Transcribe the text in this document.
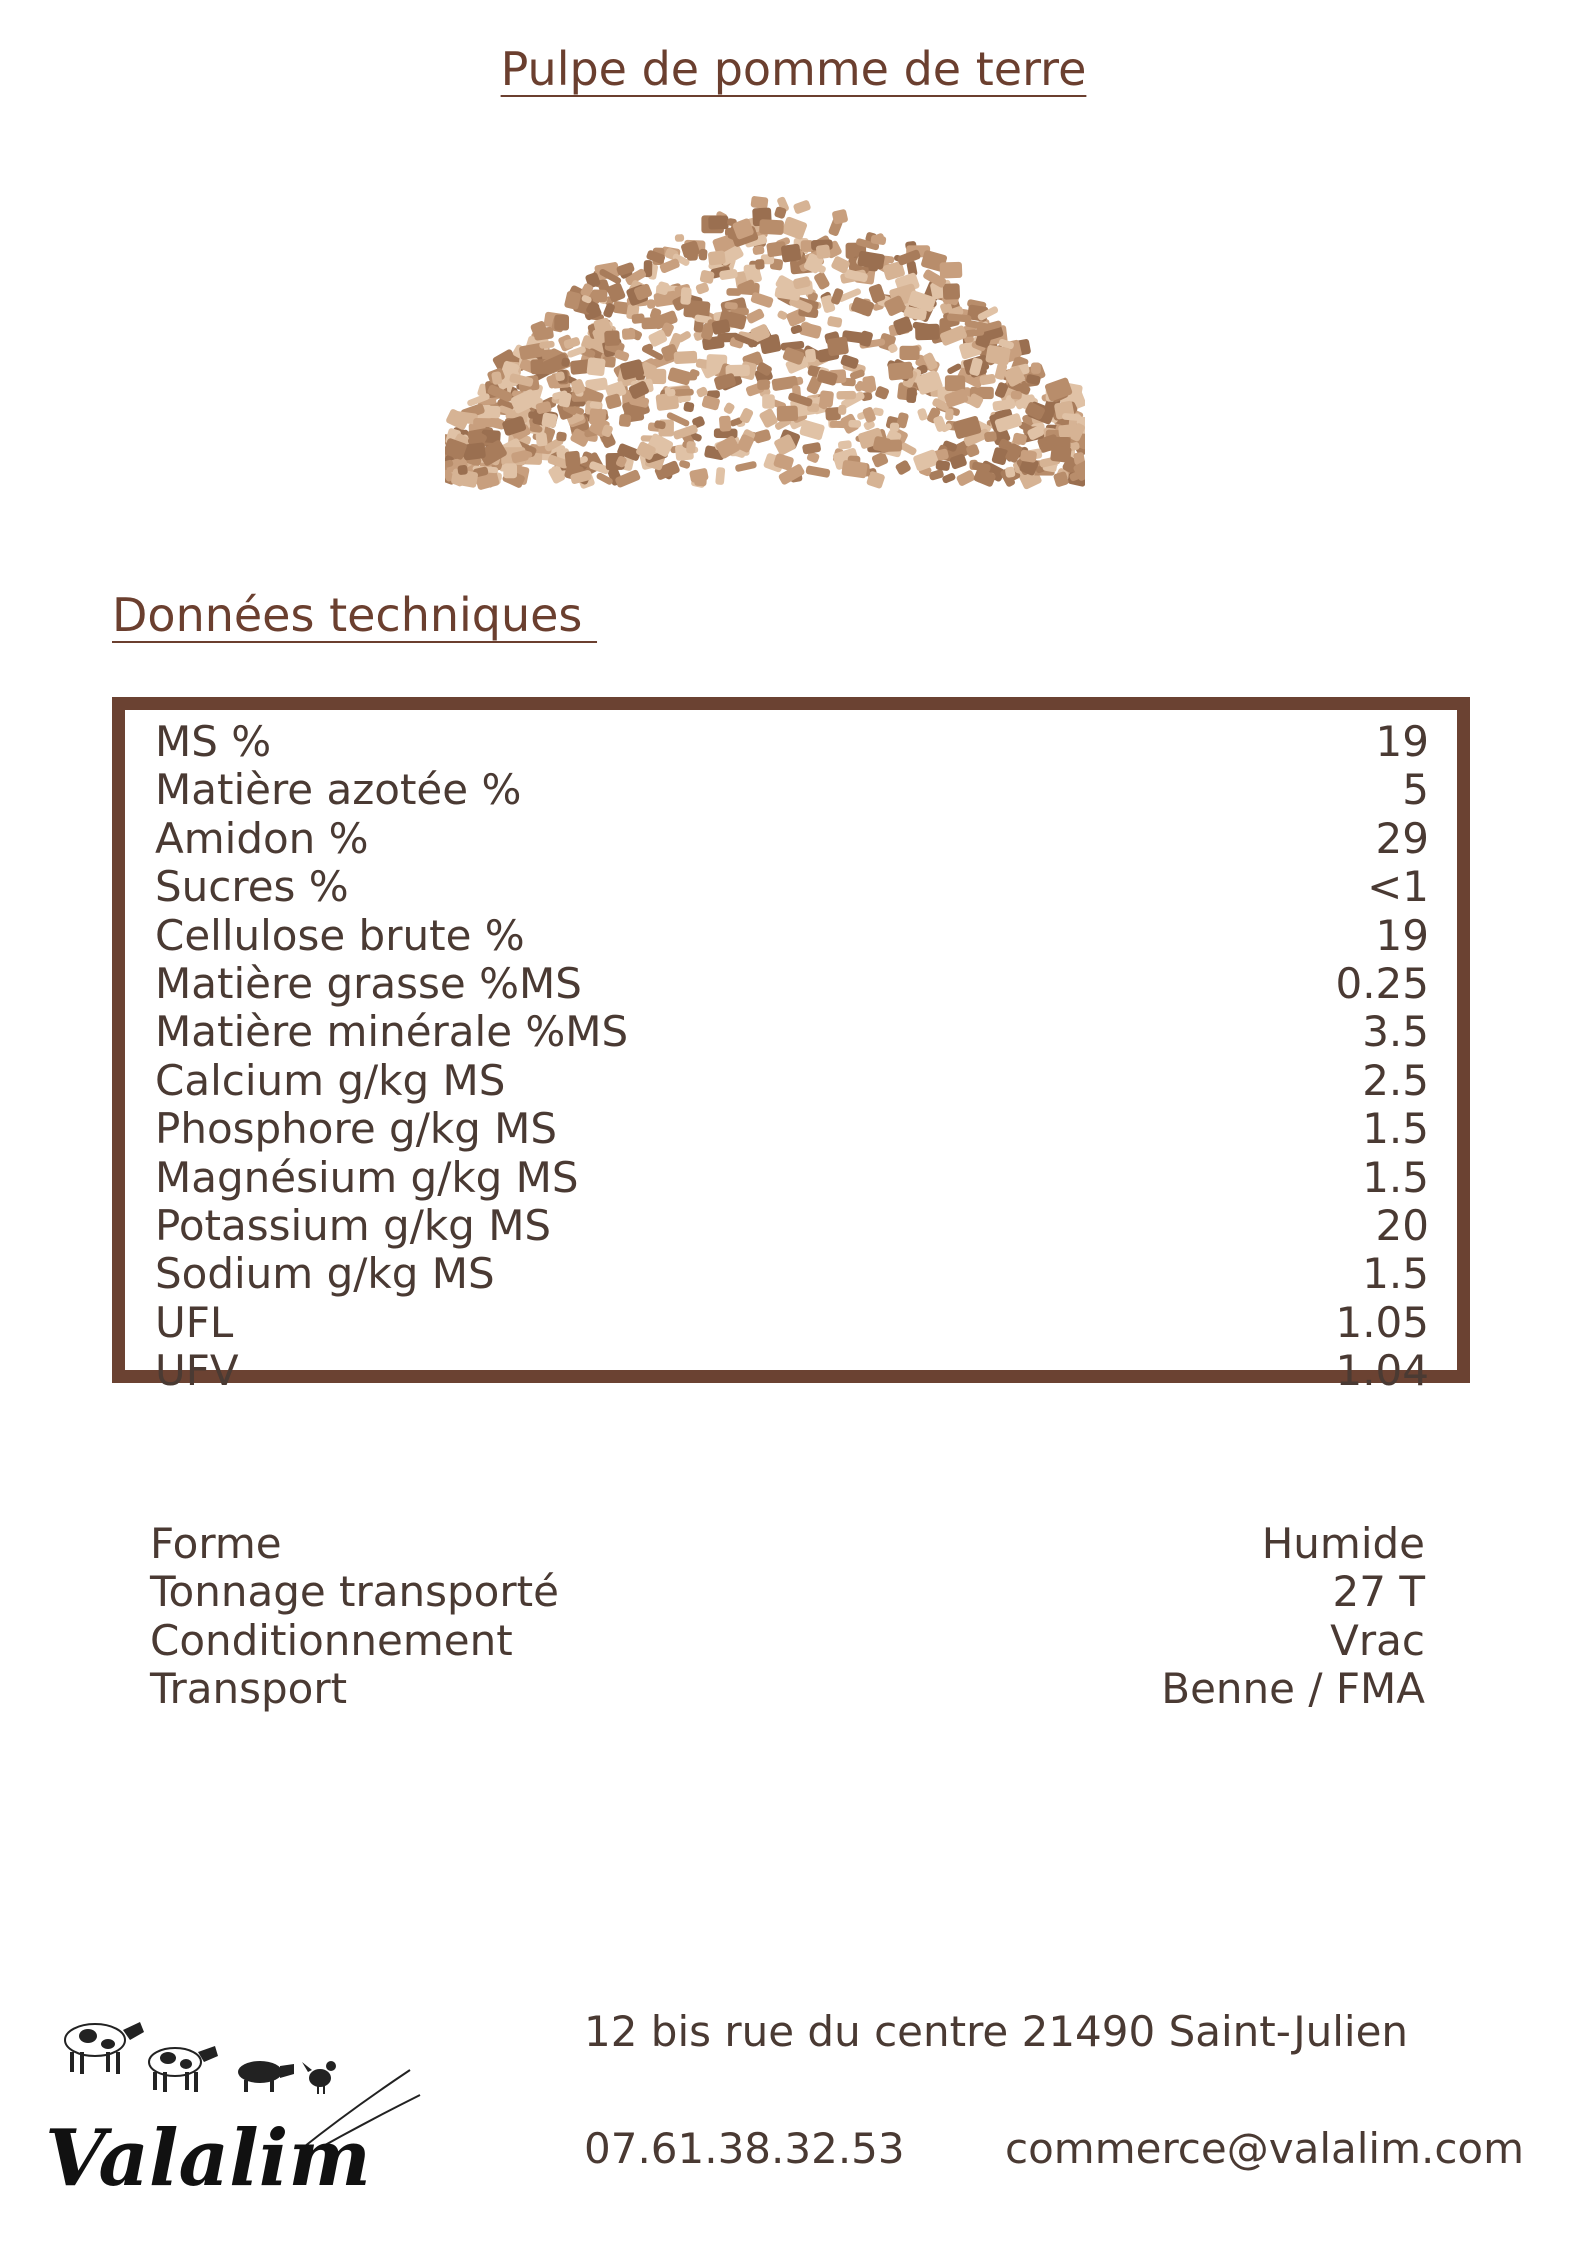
Pulpe de pomme de terre
Données techniques
MS %	19
Matière azotée %	5
Amidon %	29
Sucres %	<1
Cellulose brute %	19
Matière grasse %MS	0.25
Matière minérale %MS	3.5
Calcium g/kg MS	2.5
Phosphore g/kg MS	1.5
Magnésium g/kg MS	1.5
Potassium g/kg MS	20
Sodium g/kg MS	1.5
UFL	1.05
UFV	1.04
Forme	Humide
Tonnage transporté	27 T
Conditionnement	Vrac
Transport	Benne / FMA
Valalim
12 bis rue du centre 21490 Saint-Julien
07.61.38.32.53 commerce@valalim.com
